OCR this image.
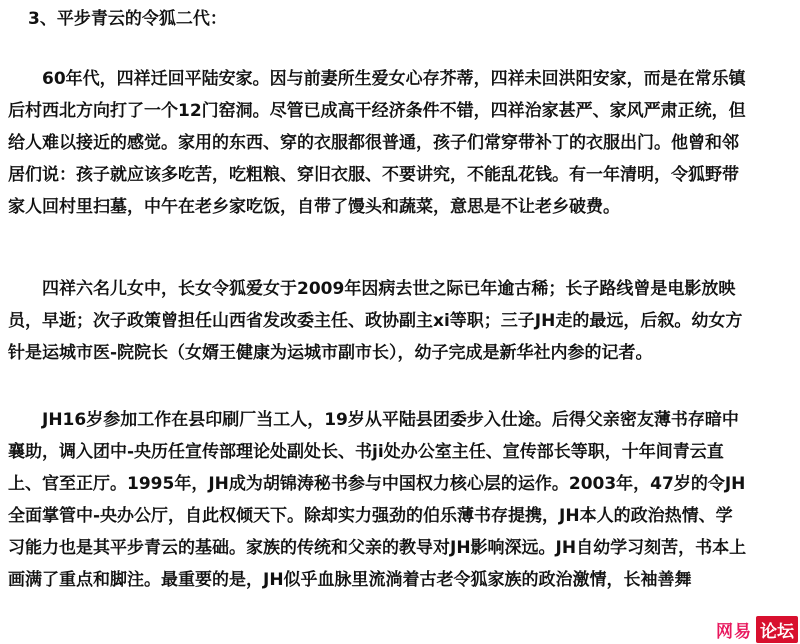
3、平步青云的令狐二代：
　　60年代，四祥迁回平陆安家。因与前妻所生爱女心存芥蒂，四祥未回洪阳安家，而是在常乐镇
后村西北方向打了一个12门窑洞。尽管已成高干经济条件不错，四祥治家甚严、家风严肃正统，但
给人难以接近的感觉。家用的东西、穿的衣服都很普通，孩子们常穿带补丁的衣服出门。他曾和邻
居们说：孩子就应该多吃苦，吃粗粮、穿旧衣服、不要讲究，不能乱花钱。有一年清明，令狐野带
家人回村里扫墓，中午在老乡家吃饭，自带了馒头和蔬菜，意思是不让老乡破费。
　　四祥六名儿女中，长女令狐爱女于2009年因病去世之际已年逾古稀；长子路线曾是电影放映
员，早逝；次子政策曾担任山西省发改委主任、政协副主xi等职；三子JH走的最远，后叙。幼女方
针是运城市医-院院长（女婿王健康为运城市副市长），幼子完成是新华社内参的记者。
　　JH16岁参加工作在县印刷厂当工人，19岁从平陆县团委步入仕途。后得父亲密友薄书存暗中
襄助，调入团中-央历任宣传部理论处副处长、书ji处办公室主任、宣传部长等职，十年间青云直
上、官至正厅。1995年，JH成为胡锦涛秘书参与中国权力核心层的运作。2003年，47岁的令JH
全面掌管中-央办公厅，自此权倾天下。除却实力强劲的伯乐薄书存提携，JH本人的政治热情、学
习能力也是其平步青云的基础。家族的传统和父亲的教导对JH影响深远。JH自幼学习刻苦，书本上
画满了重点和脚注。最重要的是，JH似乎血脉里流淌着古老令狐家族的政治激情，长袖善舞
网易 论坛
